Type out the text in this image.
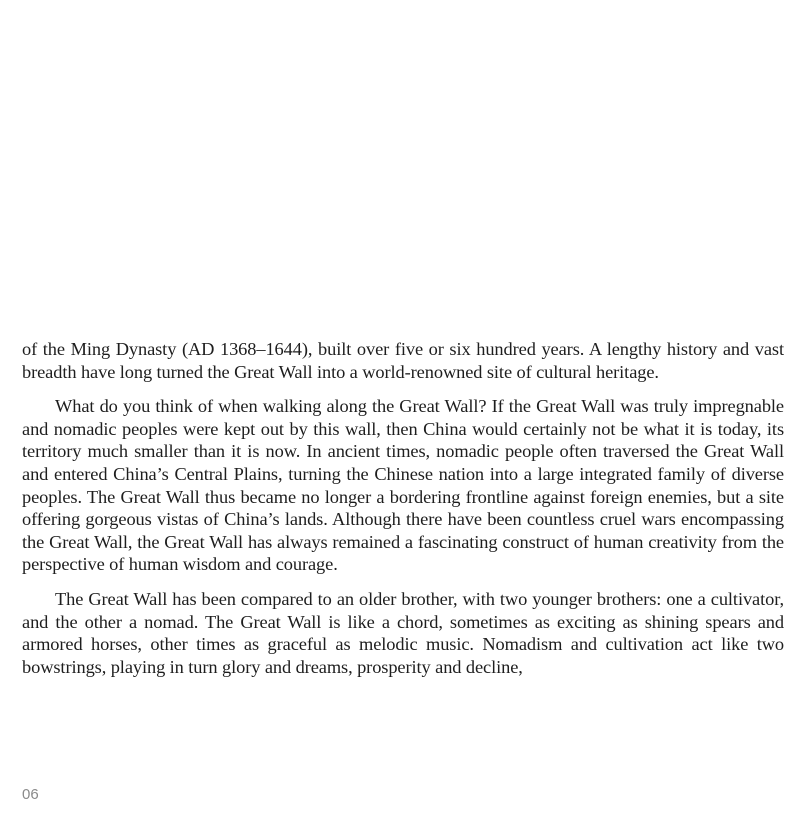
of the Ming Dynasty (AD 1368–1644), built over five or six hundred years. A lengthy history and vast breadth have long turned the Great Wall into a world-renowned site of cultural heritage.

What do you think of when walking along the Great Wall? If the Great Wall was truly impregnable and nomadic peoples were kept out by this wall, then China would certainly not be what it is today, its territory much smaller than it is now. In ancient times, nomadic people often traversed the Great Wall and entered China’s Central Plains, turning the Chinese nation into a large integrated family of diverse peoples. The Great Wall thus became no longer a bordering frontline against foreign enemies, but a site offering gorgeous vistas of China’s lands. Although there have been countless cruel wars encompassing the Great Wall, the Great Wall has always remained a fascinating construct of human creativity from the perspective of human wisdom and courage.

The Great Wall has been compared to an older brother, with two younger brothers: one a cultivator, and the other a nomad. The Great Wall is like a chord, sometimes as exciting as shining spears and armored horses, other times as graceful as melodic music. Nomadism and cultivation act like two bowstrings, playing in turn glory and dreams, prosperity and decline,

06
